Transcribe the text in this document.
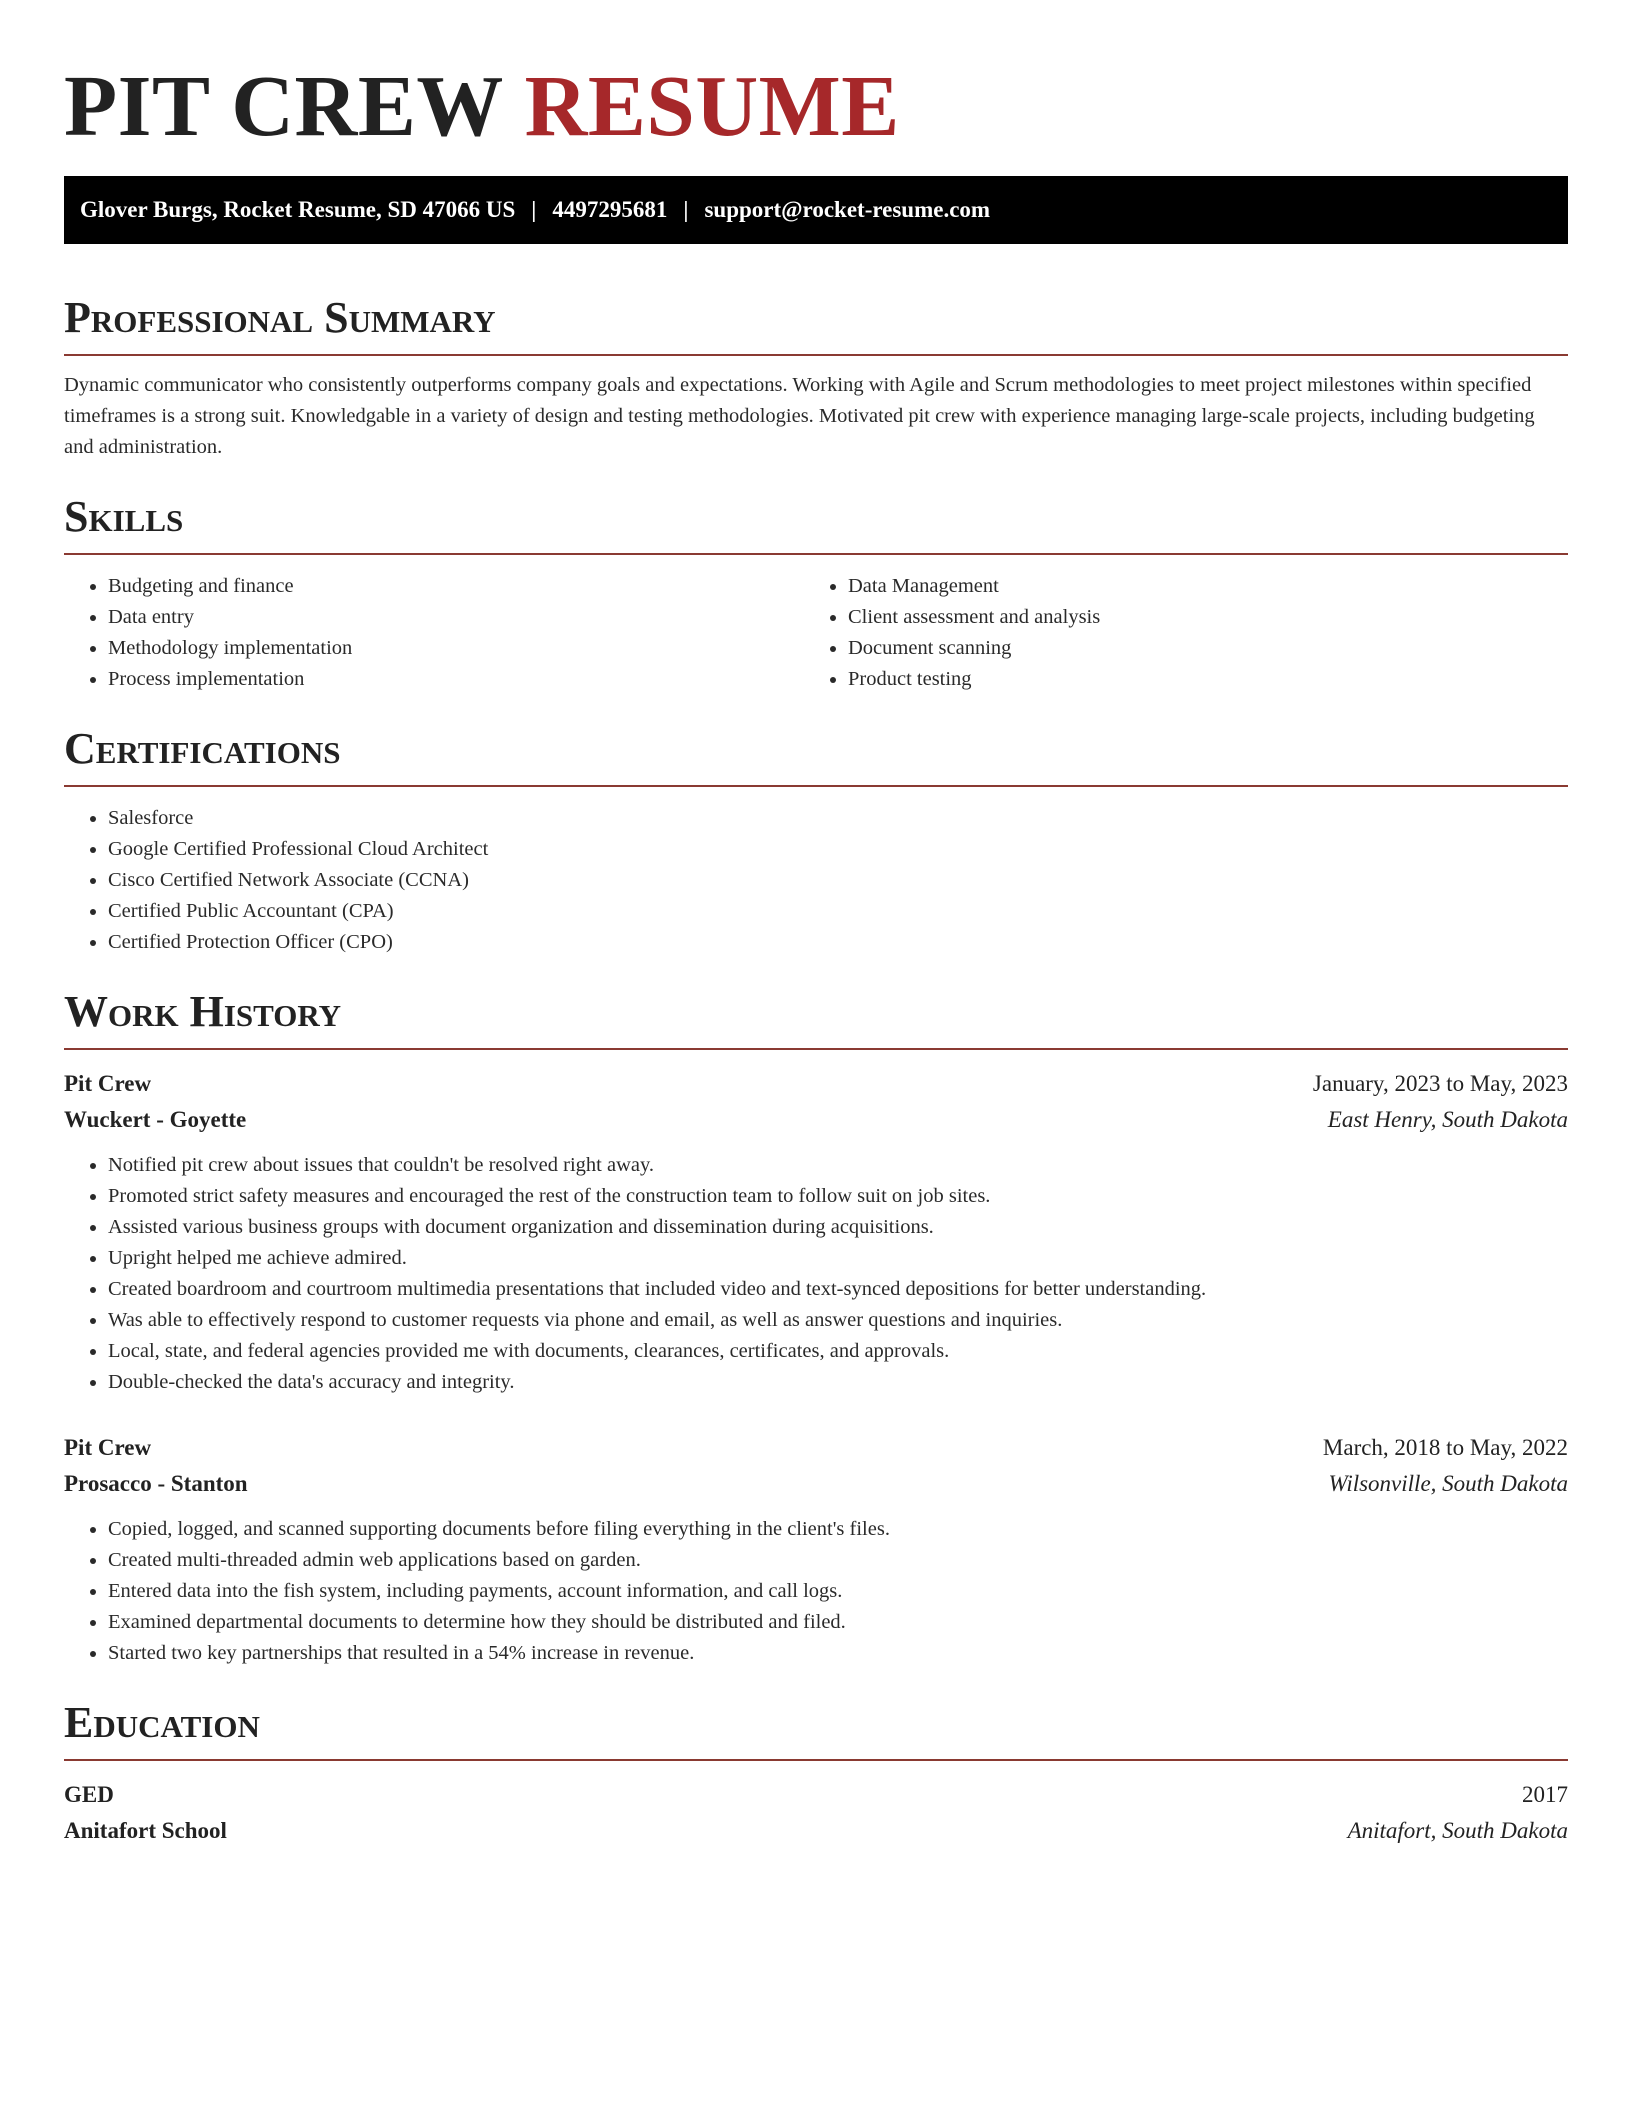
PIT CREW RESUME
Glover Burgs, Rocket Resume, SD 47066 US | 4497295681 | support@rocket-resume.com
Professional Summary

Dynamic communicator who consistently outperforms company goals and expectations. Working with Agile and Scrum methodologies to meet project milestones within specified timeframes is a strong suit. Knowledgable in a variety of design and testing methodologies. Motivated pit crew with experience managing large-scale projects, including budgeting and administration.

Skills
• Budgeting and finance
• Data entry
• Methodology implementation
• Process implementation
• Data Management
• Client assessment and analysis
• Document scanning
• Product testing
Certifications
• Salesforce
• Google Certified Professional Cloud Architect
• Cisco Certified Network Associate (CCNA)
• Certified Public Accountant (CPA)
• Certified Protection Officer (CPO)
Work History
Pit Crew	January, 2023 to May, 2023
Wuckert - Goyette	East Henry, South Dakota
• Notified pit crew about issues that couldn't be resolved right away.
• Promoted strict safety measures and encouraged the rest of the construction team to follow suit on job sites.
• Assisted various business groups with document organization and dissemination during acquisitions.
• Upright helped me achieve admired.
• Created boardroom and courtroom multimedia presentations that included video and text-synced depositions for better understanding.
• Was able to effectively respond to customer requests via phone and email, as well as answer questions and inquiries.
• Local, state, and federal agencies provided me with documents, clearances, certificates, and approvals.
• Double-checked the data's accuracy and integrity.
Pit Crew	March, 2018 to May, 2022
Prosacco - Stanton	Wilsonville, South Dakota
• Copied, logged, and scanned supporting documents before filing everything in the client's files.
• Created multi-threaded admin web applications based on garden.
• Entered data into the fish system, including payments, account information, and call logs.
• Examined departmental documents to determine how they should be distributed and filed.
• Started two key partnerships that resulted in a 54% increase in revenue.
Education
GED	2017
Anitafort School	Anitafort, South Dakota
